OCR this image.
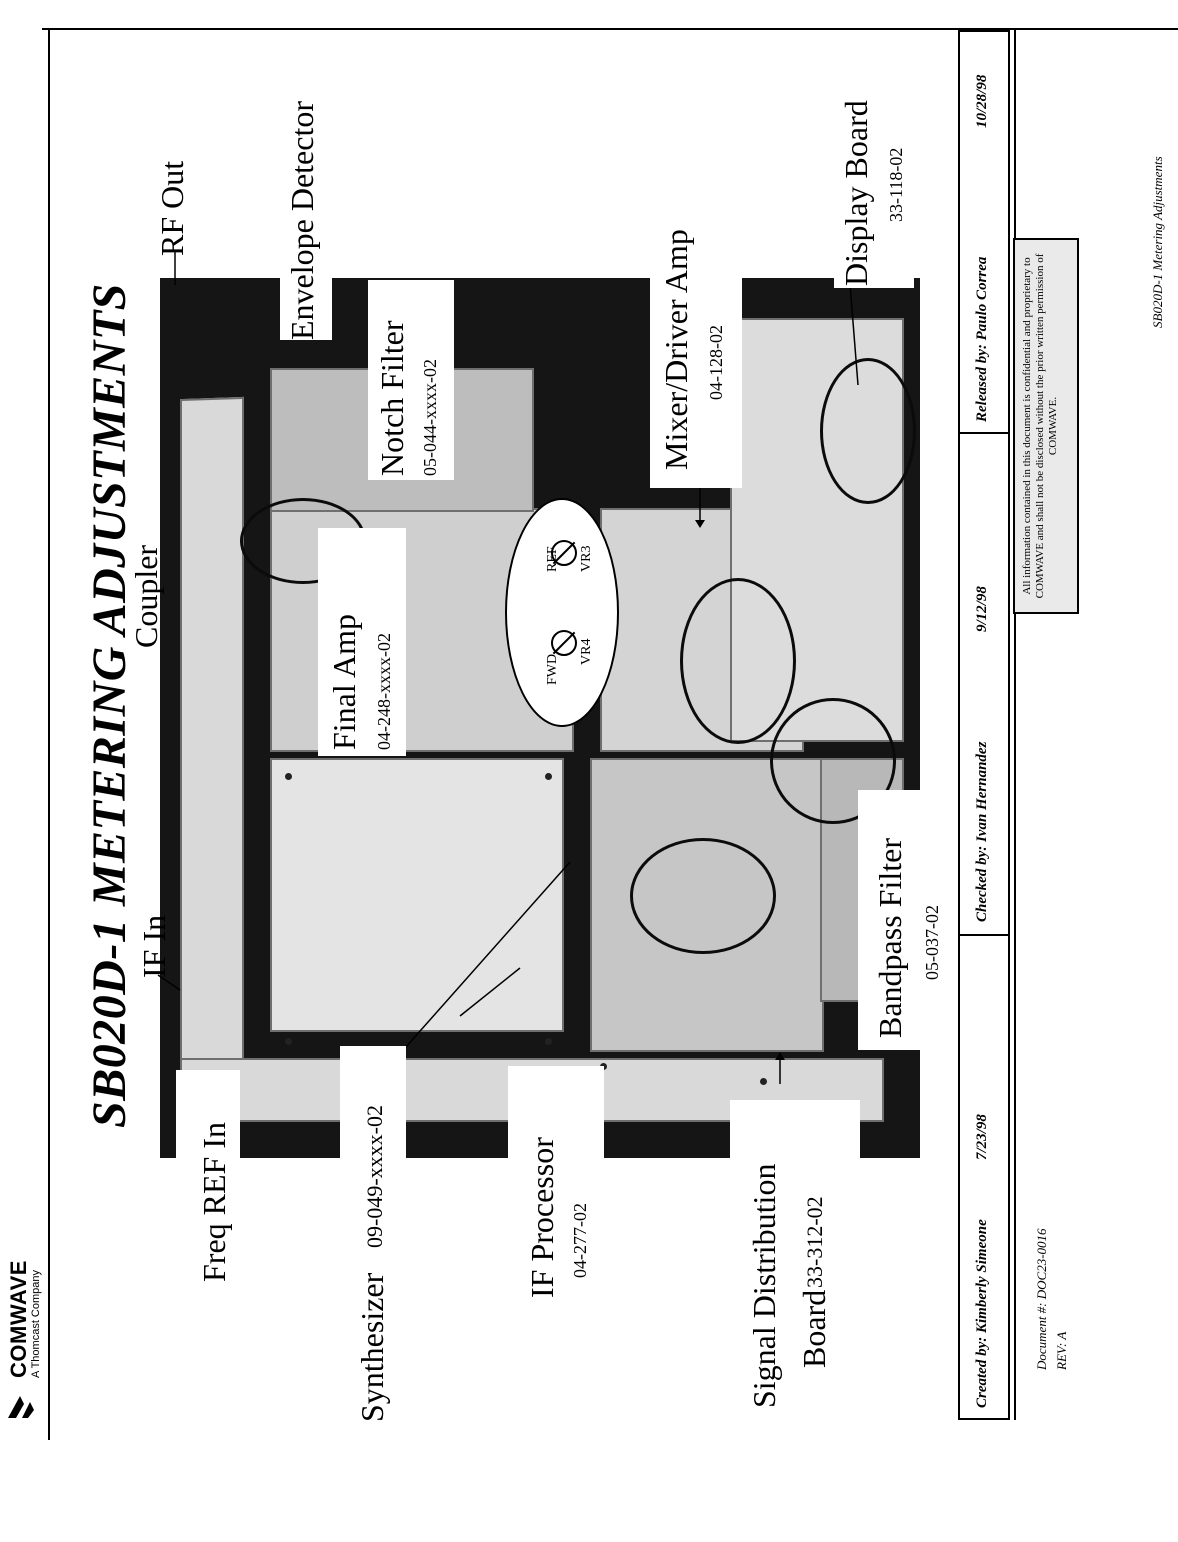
SB020D-1 Metering Adjustments
COMWAVE A Thomcast Company
SB020D-1 METERING ADJUSTMENTS
RF Out	Envelope Detector
Notch Filter 05-044-xxxx-02
Coupler
Final Amp 04-248-xxxx-02
Mixer/Driver Amp 04-128-02
Display Board 33-118-02
IF In
Freq REF In
Synthesizer
09-049-xxxx-02	IF Processor 04-277-02	Signal Distribution Board
33-312-02
Bandpass Filter 05-037-02
FWD
VR4
REF VR3
Released by: Paulo Correa
10/28/98
Checked by: Ivan Hernandez
9/12/98
Created by: Kimberly Simeone
7/23/98
All information contained in this document is confidential and proprietary to COMWAVE and shall not be disclosed without the prior written permission of COMWAVE.
Document #: DOC23-0016 REV: A
